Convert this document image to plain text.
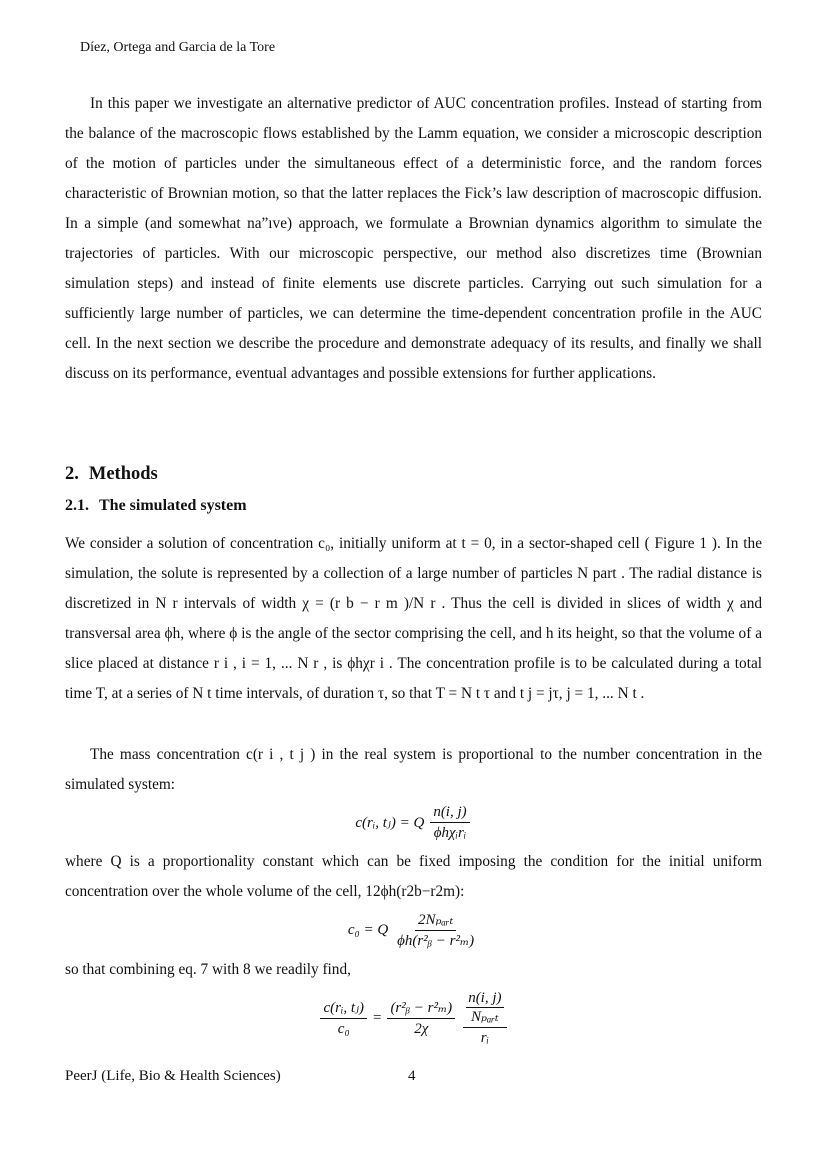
Díez, Ortega and Garcia de la Tore

In this paper we investigate an alternative predictor of AUC concentration profiles. Instead of starting from the balance of the macroscopic flows established by the Lamm equation, we consider a microscopic description of the motion of particles under the simultaneous effect of a deterministic force, and the random forces characteristic of Brownian motion, so that the latter replaces the Fick’s law description of macroscopic diffusion. In a simple (and somewhat na”ıve) approach, we formulate a Brownian dynamics algorithm to simulate the trajectories of particles. With our microscopic perspective, our method also discretizes time (Brownian simulation steps) and instead of finite elements use discrete particles. Carrying out such simulation for a sufficiently large number of particles, we can determine the time-dependent concentration profile in the AUC cell. In the next section we describe the procedure and demonstrate adequacy of its results, and finally we shall discuss on its performance, eventual advantages and possible extensions for further applications.

2. Methods
2.1. The simulated system

We consider a solution of concentration c₀, initially uniform at t = 0, in a sector-shaped cell ( Figure 1 ). In the simulation, the solute is represented by a collection of a large number of particles N part . The radial distance is discretized in N r intervals of width χ = (r b − r m )/N r . Thus the cell is divided in slices of width χ and transversal area ϕh, where ϕ is the angle of the sector comprising the cell, and h its height, so that the volume of a slice placed at distance r i , i = 1, ... N r , is ϕhχr i . The concentration profile is to be calculated during a total time T, at a series of N t time intervals, of duration τ, so that T = N t τ and t j = jτ, j = 1, ... N t .

The mass concentration c(r i , t j ) in the real system is proportional to the number concentration in the simulated system:

c(rᵢ, tⱼ) = Q $\frac{n(i, j)}{\text{ϕhχᵢrᵢ}}$

where Q is a proportionality constant which can be fixed imposing the condition for the initial uniform concentration over the whole volume of the cell, 12ϕh(r2b−r2m):

c₀ = Q $\frac{\text{2Nₚₐᵣₜ}}{\text{ϕh(r²ᵦ − r²ₘ)}}$

so that combining eq. 7 with 8 we readily find,

$\frac{\text{c(rᵢ, tⱼ)}}{\text{c₀}} = \frac{\text{(r²ᵦ − r²ₘ)}}{2\chi} n(i$, j)
Nₚₐᵣₜ
rᵢ
PeerJ (Life, Bio & Health Sciences)	4
